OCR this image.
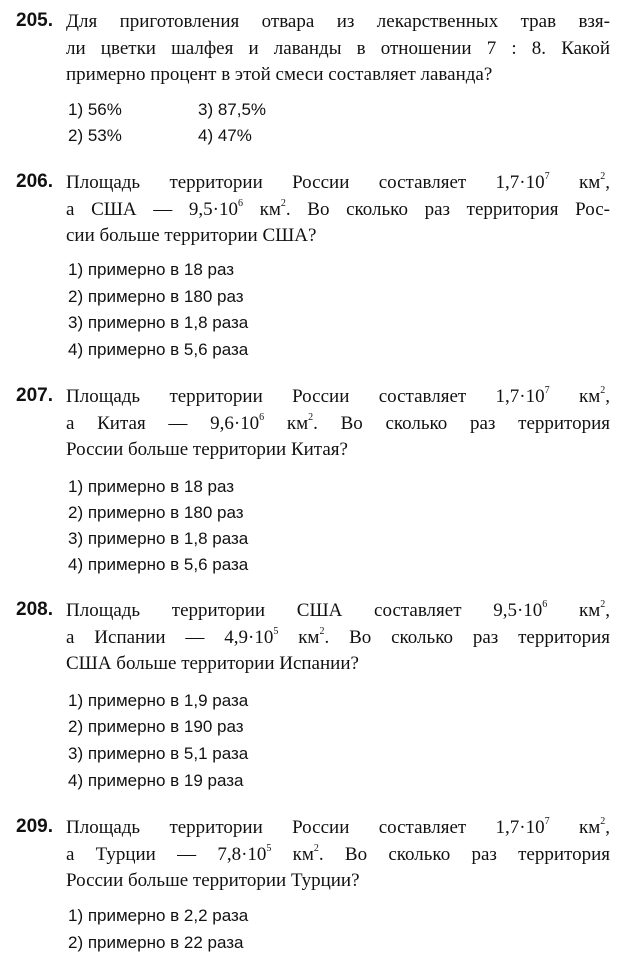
205. Для приготовления отвара из лекарственных трав взя-
ли цветки шалфея и лаванды в отношении 7 : 8. Какой
примерно процент в этой смеси составляет лаванда?

1) 56%	3) 87,5%
2) 53%	4) 47%
206. Площадь территории России составляет $1,7\cdot 10^7$ $км^2$,
а США — $9,5\cdot 10^6$ $км^2$. Во сколько раз территория Рос-
сии больше территории США?

1) примерно в 18 раз
2) примерно в 180 раз
3) примерно в 1,8 раза
4) примерно в 5,6 раза
207. Площадь территории России составляет $1,7\cdot 10^7$ $км^2$,
а Китая — $9,6\cdot 10^6$ $км^2$. Во сколько раз территория
России больше территории Китая?

1) примерно в 18 раз
2) примерно в 180 раз
3) примерно в 1,8 раза
4) примерно в 5,6 раза
208. Площадь территории США составляет $9,5\cdot 10^6$ $км^2$,
а Испании — $4,9\cdot 10^5$ $км^2$. Во сколько раз территория
США больше территории Испании?

1) примерно в 1,9 раза
2) примерно в 190 раз
3) примерно в 5,1 раза
4) примерно в 19 раза
209. Площадь территории России составляет $1,7\cdot 10^7$ $км^2$,
а Турции — $7,8\cdot 10^5$ $км^2$. Во сколько раз территория
России больше территории Турции?

1) примерно в 2,2 раза
2) примерно в 22 раза
